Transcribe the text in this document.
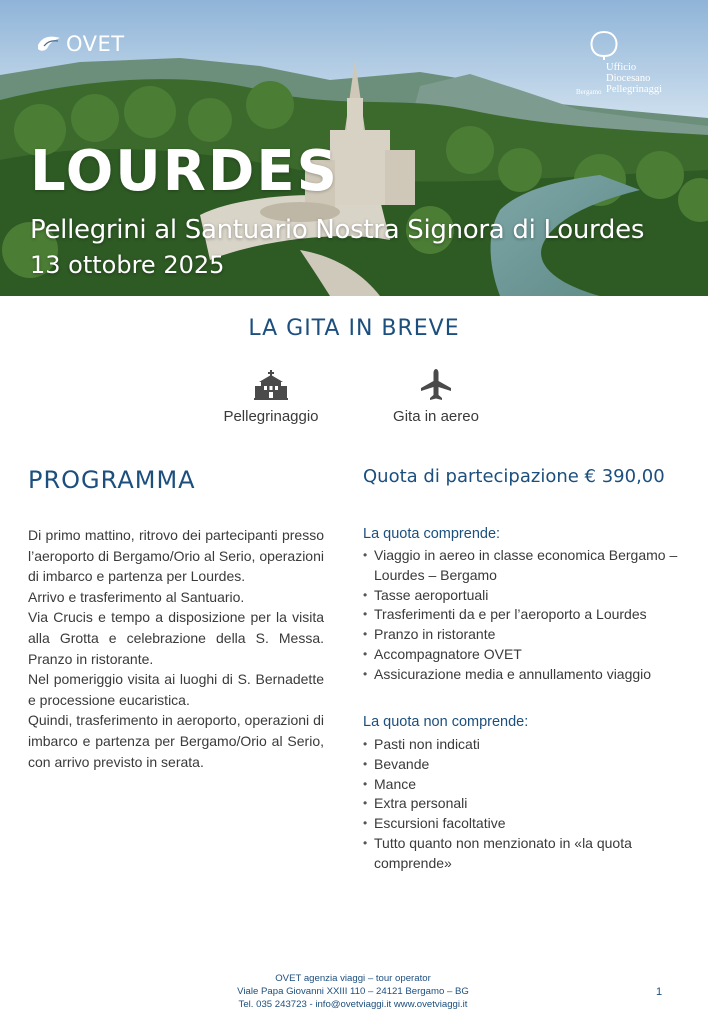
OVET
Ufficio
Diocesano
Pellegrinaggi
Bergamo
LOURDES
Pellegrini al Santuario Nostra Signora di Lourdes
13 ottobre 2025
LA GITA IN BREVE
Pellegrinaggio	Gita in aereo
PROGRAMMA

Di primo mattino, ritrovo dei partecipanti presso l’aeroporto di Bergamo/Orio al Serio, operazioni di imbarco e partenza per Lourdes.

Arrivo e trasferimento al Santuario.

Via Crucis e tempo a disposizione per la visita alla Grotta e celebrazione della S. Messa. Pranzo in ristorante.

Nel pomeriggio visita ai luoghi di S. Bernadette e processione eucaristica.

Quindi, trasferimento in aeroporto, operazioni di imbarco e partenza per Bergamo/Orio al Serio, con arrivo previsto in serata.

Quota di partecipazione € 390,00
La quota comprende:
• Viaggio in aereo in classe economica Bergamo – Lourdes – Bergamo
• Tasse aeroportuali
• Trasferimenti da e per l’aeroporto a Lourdes
• Pranzo in ristorante
• Accompagnatore OVET
• Assicurazione media e annullamento viaggio
La quota non comprende:
• Pasti non indicati
• Bevande
• Mance
• Extra personali
• Escursioni facoltative
• Tutto quanto non menzionato in «la quota comprende»
OVET agenzia viaggi – tour operator
Viale Papa Giovanni XXIII 110 – 24121 Bergamo – BG
Tel. 035 243723 - info@ovetviaggi.it www.ovetviaggi.it
1
